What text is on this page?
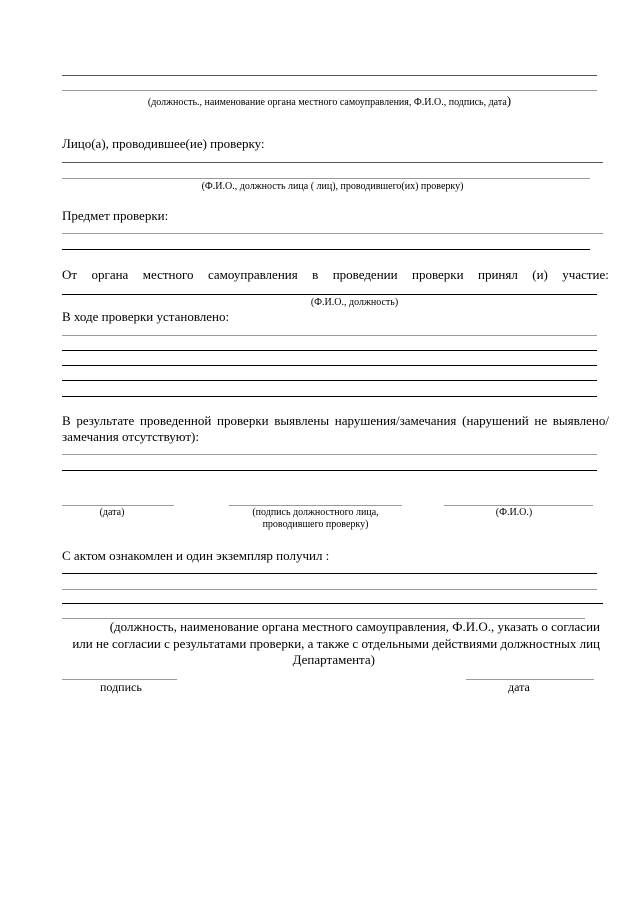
(должность., наименование органа местного самоуправления, Ф.И.О., подпись, дата)
Лицо(а), проводившее(ие) проверку:
(Ф.И.О., должность лица ( лиц), проводившего(их) проверку)
Предмет проверки:
От органа местного самоуправления в проведении проверки принял (и) участие:
(Ф.И.О., должность)
В ходе проверки установлено:
В результате проведенной проверки выявлены нарушения/замечания (нарушений не выявлено/
замечания отсутствуют):
(дата)	(подпись должностного лица,
проводившего проверку)
(Ф.И.О.)
С актом ознакомлен и один экземпляр получил :
(должность, наименование органа местного самоуправления, Ф.И.О., указать о согласии
или не согласии с результатами проверки, а также с отдельными действиями должностных лиц
Департамента)
подпись	дата
